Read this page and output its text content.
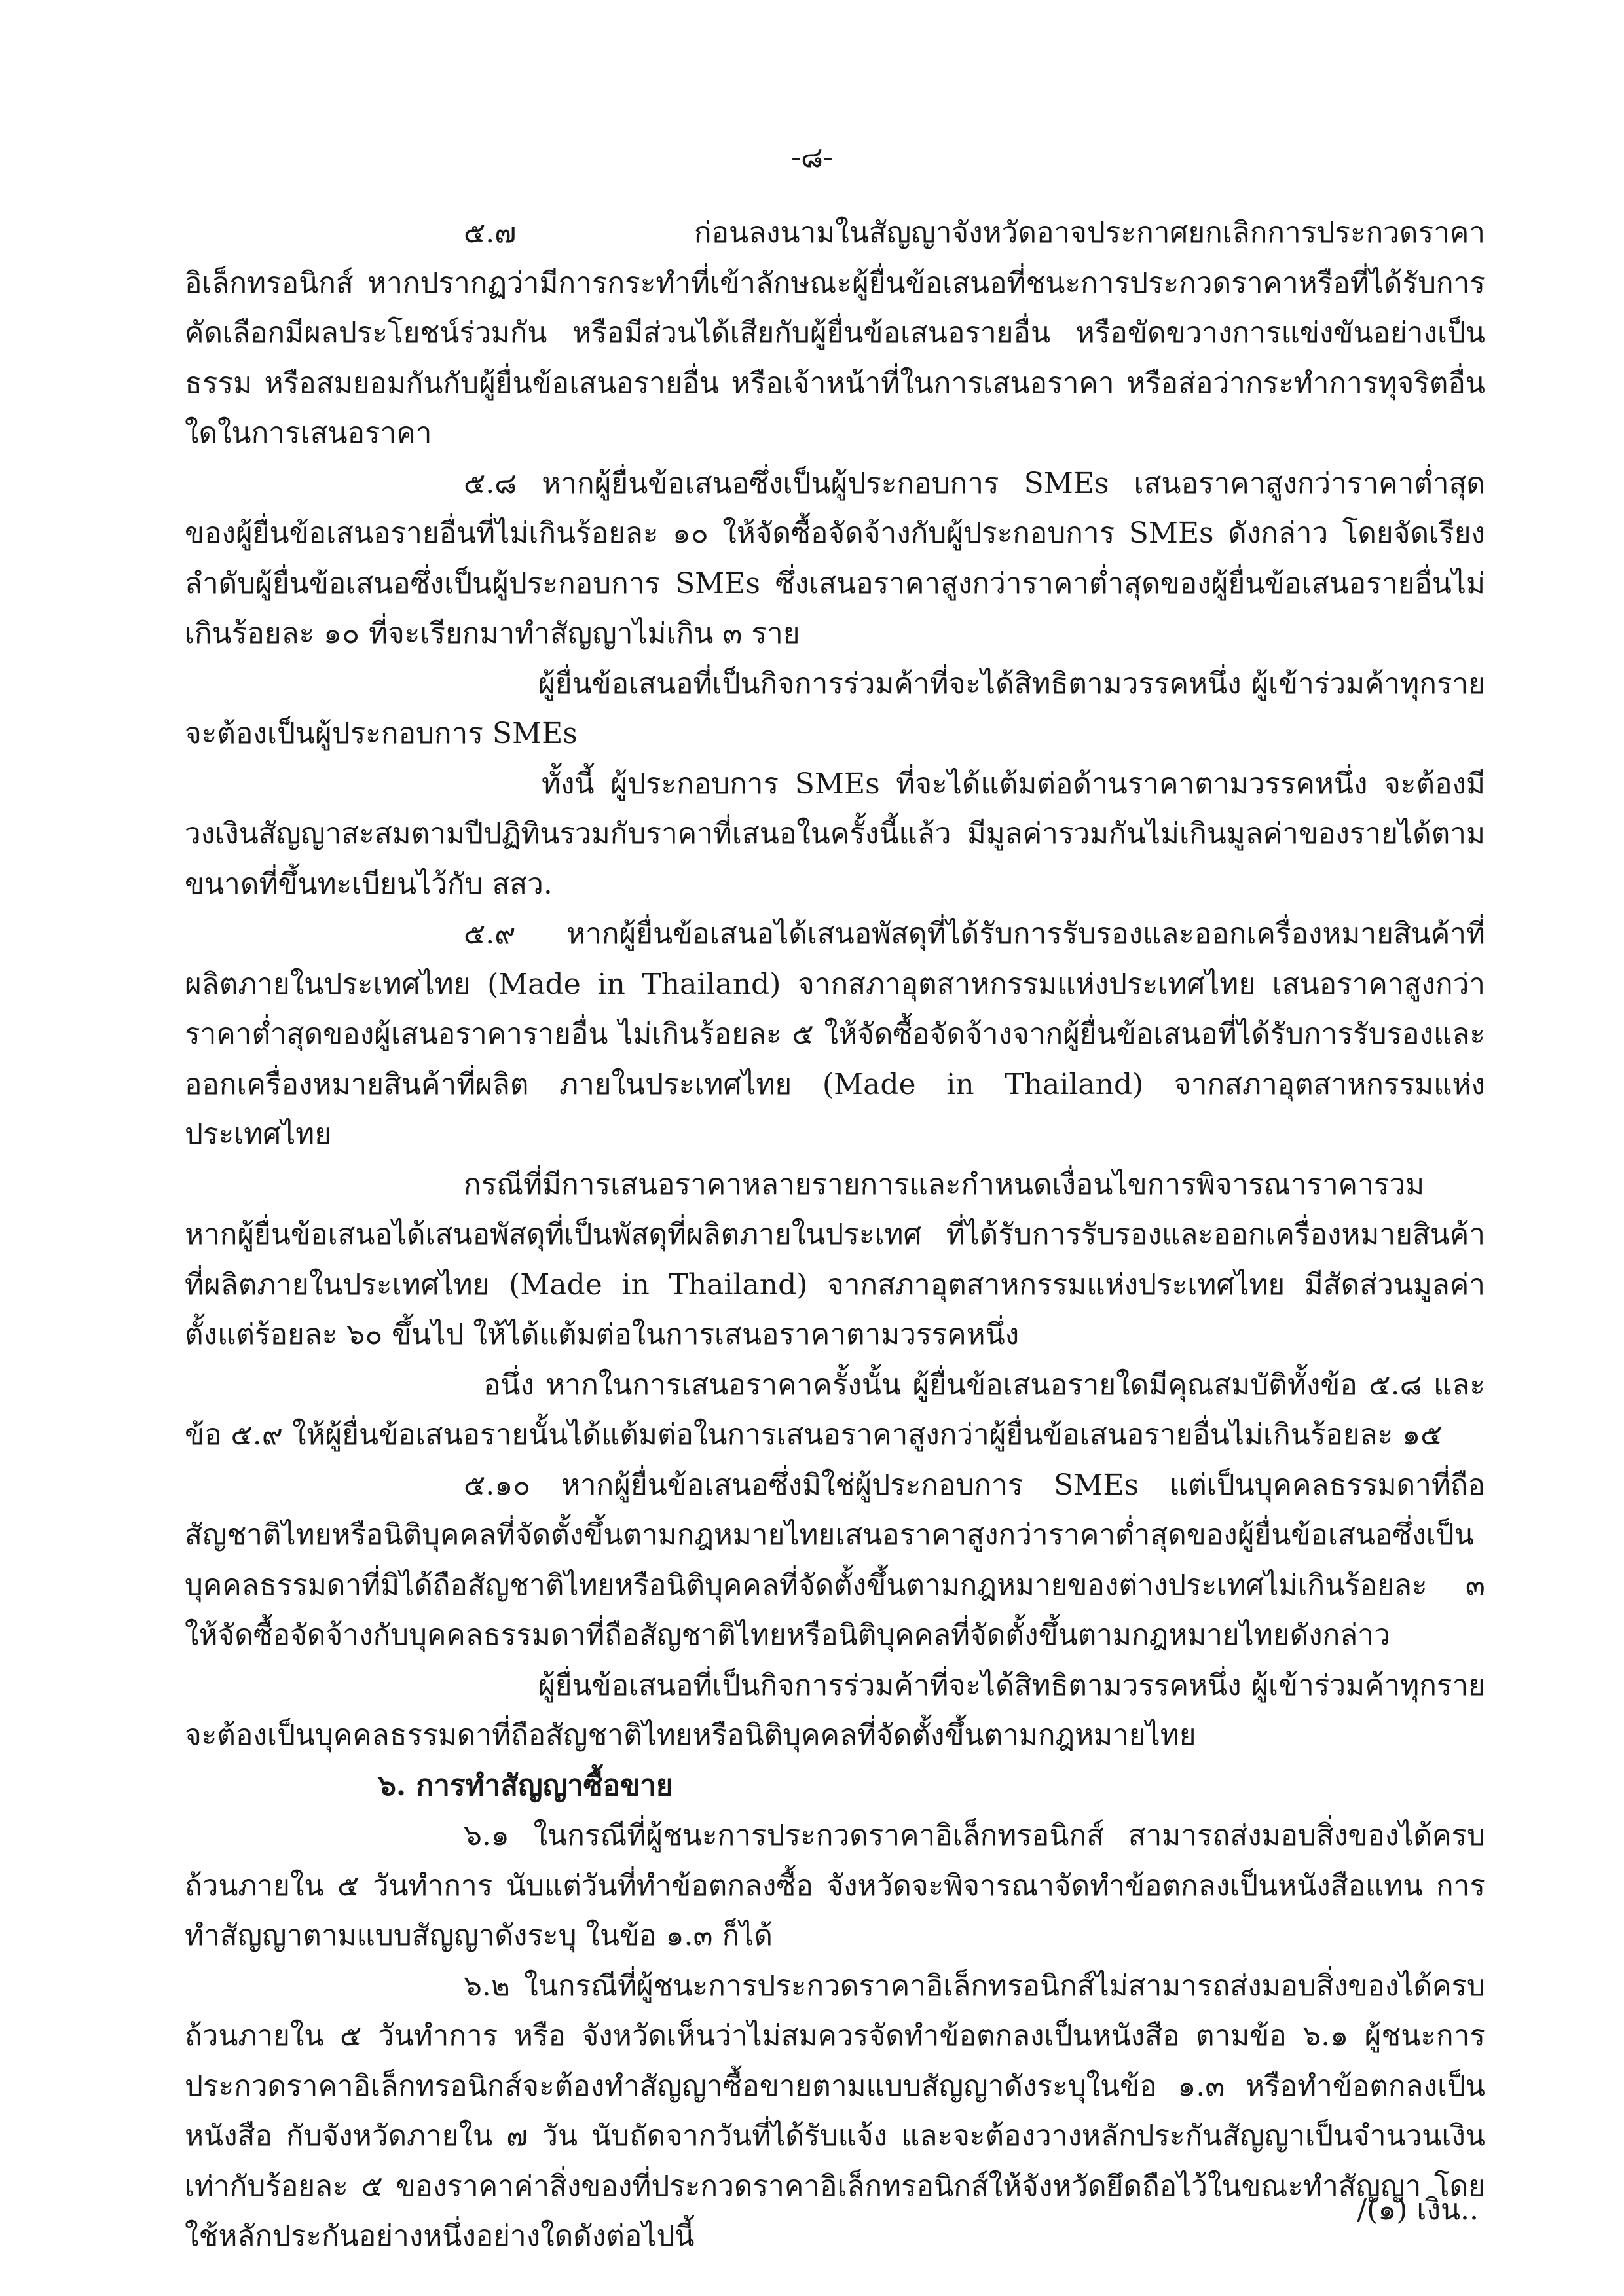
-๘-

๕.๗ ก่อนลงนามในสัญญาจังหวัดอาจประกาศยกเลิกการประกวดราคาอิเล็กทรอนิกส์ หากปรากฏว่ามีการกระทำที่เข้าลักษณะผู้ยื่นข้อเสนอที่ชนะการประกวดราคาหรือที่ได้รับการคัดเลือกมีผลประโยชน์ร่วมกัน หรือมีส่วนได้เสียกับผู้ยื่นข้อเสนอรายอื่น หรือขัดขวางการแข่งขันอย่างเป็นธรรม หรือสมยอมกันกับผู้ยื่นข้อเสนอรายอื่น หรือเจ้าหน้าที่ในการเสนอราคา หรือส่อว่ากระทำการทุจริตอื่นใดในการเสนอราคา

๕.๘ หากผู้ยื่นข้อเสนอซึ่งเป็นผู้ประกอบการ SMEs เสนอราคาสูงกว่าราคาต่ำสุดของผู้ยื่นข้อเสนอรายอื่นที่ไม่เกินร้อยละ ๑๐ ให้จัดซื้อจัดจ้างกับผู้ประกอบการ SMEs ดังกล่าว โดยจัดเรียงลำดับผู้ยื่นข้อเสนอซึ่งเป็นผู้ประกอบการ SMEs ซึ่งเสนอราคาสูงกว่าราคาต่ำสุดของผู้ยื่นข้อเสนอรายอื่นไม่เกินร้อยละ ๑๐ ที่จะเรียกมาทำสัญญาไม่เกิน ๓ ราย

ผู้ยื่นข้อเสนอที่เป็นกิจการร่วมค้าที่จะได้สิทธิตามวรรคหนึ่ง ผู้เข้าร่วมค้าทุกรายจะต้องเป็นผู้ประกอบการ SMEs

ทั้งนี้ ผู้ประกอบการ SMEs ที่จะได้แต้มต่อด้านราคาตามวรรคหนึ่ง จะต้องมีวงเงินสัญญาสะสมตามปีปฏิทินรวมกับราคาที่เสนอในครั้งนี้แล้ว มีมูลค่ารวมกันไม่เกินมูลค่าของรายได้ตามขนาดที่ขึ้นทะเบียนไว้กับ สสว.

๕.๙ หากผู้ยื่นข้อเสนอได้เสนอพัสดุที่ได้รับการรับรองและออกเครื่องหมายสินค้าที่ผลิตภายในประเทศไทย (Made in Thailand) จากสภาอุตสาหกรรมแห่งประเทศไทย เสนอราคาสูงกว่าราคาต่ำสุดของผู้เสนอราคารายอื่น ไม่เกินร้อยละ ๕ ให้จัดซื้อจัดจ้างจากผู้ยื่นข้อเสนอที่ได้รับการรับรองและออกเครื่องหมายสินค้าที่ผลิต ภายในประเทศไทย (Made in Thailand) จากสภาอุตสาหกรรมแห่งประเทศไทย

กรณีที่มีการเสนอราคาหลายรายการและกำหนดเงื่อนไขการพิจารณาราคารวม หากผู้ยื่นข้อเสนอได้เสนอพัสดุที่เป็นพัสดุที่ผลิตภายในประเทศ ที่ได้รับการรับรองและออกเครื่องหมายสินค้าที่ผลิตภายในประเทศไทย (Made in Thailand) จากสภาอุตสาหกรรมแห่งประเทศไทย มีสัดส่วนมูลค่าตั้งแต่ร้อยละ ๖๐ ขึ้นไป ให้ได้แต้มต่อในการเสนอราคาตามวรรคหนึ่ง

อนึ่ง หากในการเสนอราคาครั้งนั้น ผู้ยื่นข้อเสนอรายใดมีคุณสมบัติทั้งข้อ ๕.๘ และข้อ ๕.๙ ให้ผู้ยื่นข้อเสนอรายนั้นได้แต้มต่อในการเสนอราคาสูงกว่าผู้ยื่นข้อเสนอรายอื่นไม่เกินร้อยละ ๑๕

๕.๑๐ หากผู้ยื่นข้อเสนอซึ่งมิใช่ผู้ประกอบการ SMEs แต่เป็นบุคคลธรรมดาที่ถือสัญชาติไทยหรือนิติบุคคลที่จัดตั้งขึ้นตามกฎหมายไทยเสนอราคาสูงกว่าราคาต่ำสุดของผู้ยื่นข้อเสนอซึ่งเป็นบุคคลธรรมดาที่มิได้ถือสัญชาติไทยหรือนิติบุคคลที่จัดตั้งขึ้นตามกฎหมายของต่างประเทศไม่เกินร้อยละ ๓ ให้จัดซื้อจัดจ้างกับบุคคลธรรมดาที่ถือสัญชาติไทยหรือนิติบุคคลที่จัดตั้งขึ้นตามกฎหมายไทยดังกล่าว

ผู้ยื่นข้อเสนอที่เป็นกิจการร่วมค้าที่จะได้สิทธิตามวรรคหนึ่ง ผู้เข้าร่วมค้าทุกรายจะต้องเป็นบุคคลธรรมดาที่ถือสัญชาติไทยหรือนิติบุคคลที่จัดตั้งขึ้นตามกฎหมายไทย

๖. การทำสัญญาซื้อขาย

๖.๑ ในกรณีที่ผู้ชนะการประกวดราคาอิเล็กทรอนิกส์ สามารถส่งมอบสิ่งของได้ครบถ้วนภายใน ๕ วันทำการ นับแต่วันที่ทำข้อตกลงซื้อ จังหวัดจะพิจารณาจัดทำข้อตกลงเป็นหนังสือแทน การทำสัญญาตามแบบสัญญาดังระบุ ในข้อ ๑.๓ ก็ได้

๖.๒ ในกรณีที่ผู้ชนะการประกวดราคาอิเล็กทรอนิกส์ไม่สามารถส่งมอบสิ่งของได้ครบถ้วนภายใน ๕ วันทำการ หรือ จังหวัดเห็นว่าไม่สมควรจัดทำข้อตกลงเป็นหนังสือ ตามข้อ ๖.๑ ผู้ชนะการประกวดราคาอิเล็กทรอนิกส์จะต้องทำสัญญาซื้อขายตามแบบสัญญาดังระบุในข้อ ๑.๓ หรือทำข้อตกลงเป็นหนังสือ กับจังหวัดภายใน ๗ วัน นับถัดจากวันที่ได้รับแจ้ง และจะต้องวางหลักประกันสัญญาเป็นจำนวนเงินเท่ากับร้อยละ ๕ ของราคาค่าสิ่งของที่ประกวดราคาอิเล็กทรอนิกส์ให้จังหวัดยึดถือไว้ในขณะทำสัญญา โดยใช้หลักประกันอย่างหนึ่งอย่างใดดังต่อไปนี้

/(๑) เงิน..
